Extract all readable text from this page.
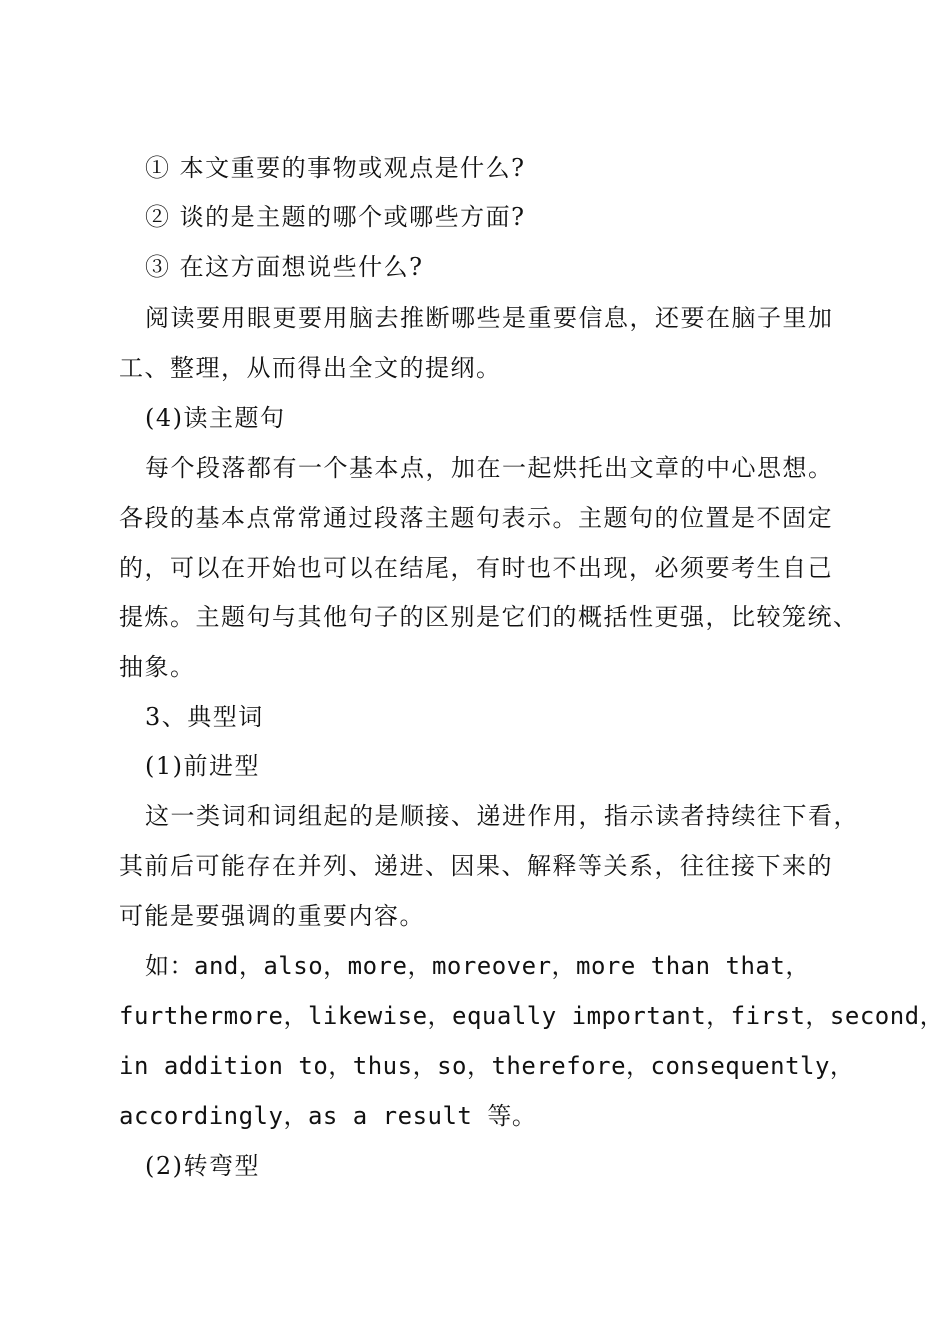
① 本文重要的事物或观点是什么?
② 谈的是主题的哪个或哪些方面?
③ 在这方面想说些什么?
阅读要用眼更要用脑去推断哪些是重要信息，还要在脑子里加
工、整理，从而得出全文的提纲。
(4)读主题句
每个段落都有一个基本点，加在一起烘托出文章的中心思想。
各段的基本点常常通过段落主题句表示。主题句的位置是不固定
的，可以在开始也可以在结尾，有时也不出现，必须要考生自己
提炼。主题句与其他句子的区别是它们的概括性更强，比较笼统、
抽象。
3、典型词
(1)前进型
这一类词和词组起的是顺接、递进作用，指示读者持续往下看，
其前后可能存在并列、递进、因果、解释等关系，往往接下来的
可能是要强调的重要内容。
如：and，also，more，moreover，more than that，
furthermore，likewise，equally important，first，second，
in addition to，thus，so，therefore，consequently，
accordingly，as a result 等。
(2)转弯型
